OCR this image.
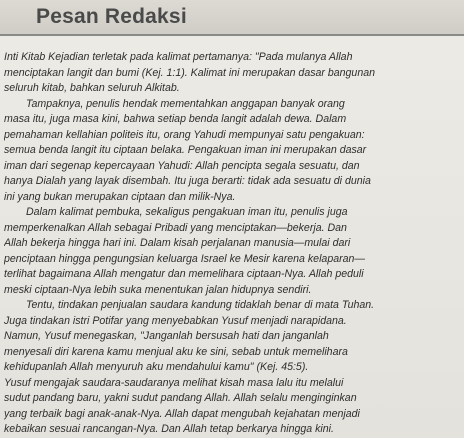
Pesan Redaksi
Inti Kitab Kejadian terletak pada kalimat pertamanya: "Pada mulanya Allah
menciptakan langit dan bumi (Kej. 1:1). Kalimat ini merupakan dasar bangunan
seluruh kitab, bahkan seluruh Alkitab.
Tampaknya, penulis hendak mementahkan anggapan banyak orang
masa itu, juga masa kini, bahwa setiap benda langit adalah dewa. Dalam
pemahaman kellahian politeis itu, orang Yahudi mempunyai satu pengakuan:
semua benda langit itu ciptaan belaka. Pengakuan iman ini merupakan dasar
iman dari segenap kepercayaan Yahudi: Allah pencipta segala sesuatu, dan
hanya Dialah yang layak disembah. Itu juga berarti: tidak ada sesuatu di dunia
ini yang bukan merupakan ciptaan dan milik-Nya.
Dalam kalimat pembuka, sekaligus pengakuan iman itu, penulis juga
memperkenalkan Allah sebagai Pribadi yang menciptakan—bekerja. Dan
Allah bekerja hingga hari ini. Dalam kisah perjalanan manusia—mulai dari
penciptaan hingga pengungsian keluarga Israel ke Mesir karena kelaparan—
terlihat bagaimana Allah mengatur dan memelihara ciptaan-Nya. Allah peduli
meski ciptaan-Nya lebih suka menentukan jalan hidupnya sendiri.
Tentu, tindakan penjualan saudara kandung tidaklah benar di mata Tuhan.
Juga tindakan istri Potifar yang menyebabkan Yusuf menjadi narapidana.
Namun, Yusuf menegaskan, "Janganlah bersusah hati dan janganlah
menyesali diri karena kamu menjual aku ke sini, sebab untuk memelihara
kehidupanlah Allah menyuruh aku mendahului kamu" (Kej. 45:5).
Yusuf mengajak saudara-saudaranya melihat kisah masa lalu itu melalui
sudut pandang baru, yakni sudut pandang Allah. Allah selalu menginginkan
yang terbaik bagi anak-anak-Nya. Allah dapat mengubah kejahatan menjadi
kebaikan sesuai rancangan-Nya. Dan Allah tetap berkarya hingga kini.
